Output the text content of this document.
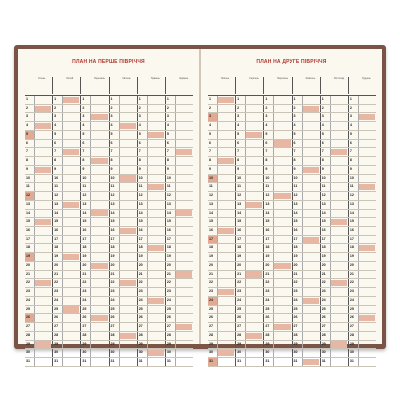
ПЛАН НА ПЕРШЕ ПІВРІЧЧЯ
Січень	Лютий	Березень	Квітень	Травень	Червень
1	1	1	1	1	1
2	2	2	2	2	2
3	3	3	3	3	3
4	4	4	4	4	4
5	5	5	5	5	5
6	6	6	6	6	6
7	7	7	7	7	7
8	8	8	8	8	8
9	9	9	9	9	9
10	10	10	10	10	10
11	11	11	11	11	11
12	12	12	12	12	12
13	13	13	13	13	13
14	14	14	14	14	14
15	15	15	15	15	15
16	16	16	16	16	16
17	17	17	17	17	17
18	18	18	18	18	18
19	19	19	19	19	19
20	20	20	20	20	20
21	21	21	21	21	21
22	22	22	22	22	22
23	23	23	23	23	23
24	24	24	24	24	24
25	25	25	25	25	25
26	26	26	26	26	26
27	27	27	27	27	27
28	28	28	28	28	28
29	29	29	29	29	29
30	30	30	30	30	30
31	31	31	31	31	31
ПЛАН НА ДРУГЕ ПІВРІЧЧЯ
Липень	Серпень	Вересень	Жовтень	Листопад	Грудень
1	1	1	1	1	1
2	2	2	2	2	2
3	3	3	3	3	3
4	4	4	4	4	4
5	5	5	5	5	5
6	6	6	6	6	6
7	7	7	7	7	7
8	8	8	8	8	8
9	9	9	9	9	9
10	10	10	10	10	10
11	11	11	11	11	11
12	12	12	12	12	12
13	13	13	13	13	13
14	14	14	14	14	14
15	15	15	15	15	15
16	16	16	16	16	16
17	17	17	17	17	17
18	18	18	18	18	18
19	19	19	19	19	19
20	20	20	20	20	20
21	21	21	21	21	21
22	22	22	22	22	22
23	23	23	23	23	23
24	24	24	24	24	24
25	25	25	25	25	25
26	26	26	26	26	26
27	27	27	27	27	27
28	28	28	28	28	28
29	29	29	29	29	29
30	30	30	30	30	30
31	31	31	31	31	31
